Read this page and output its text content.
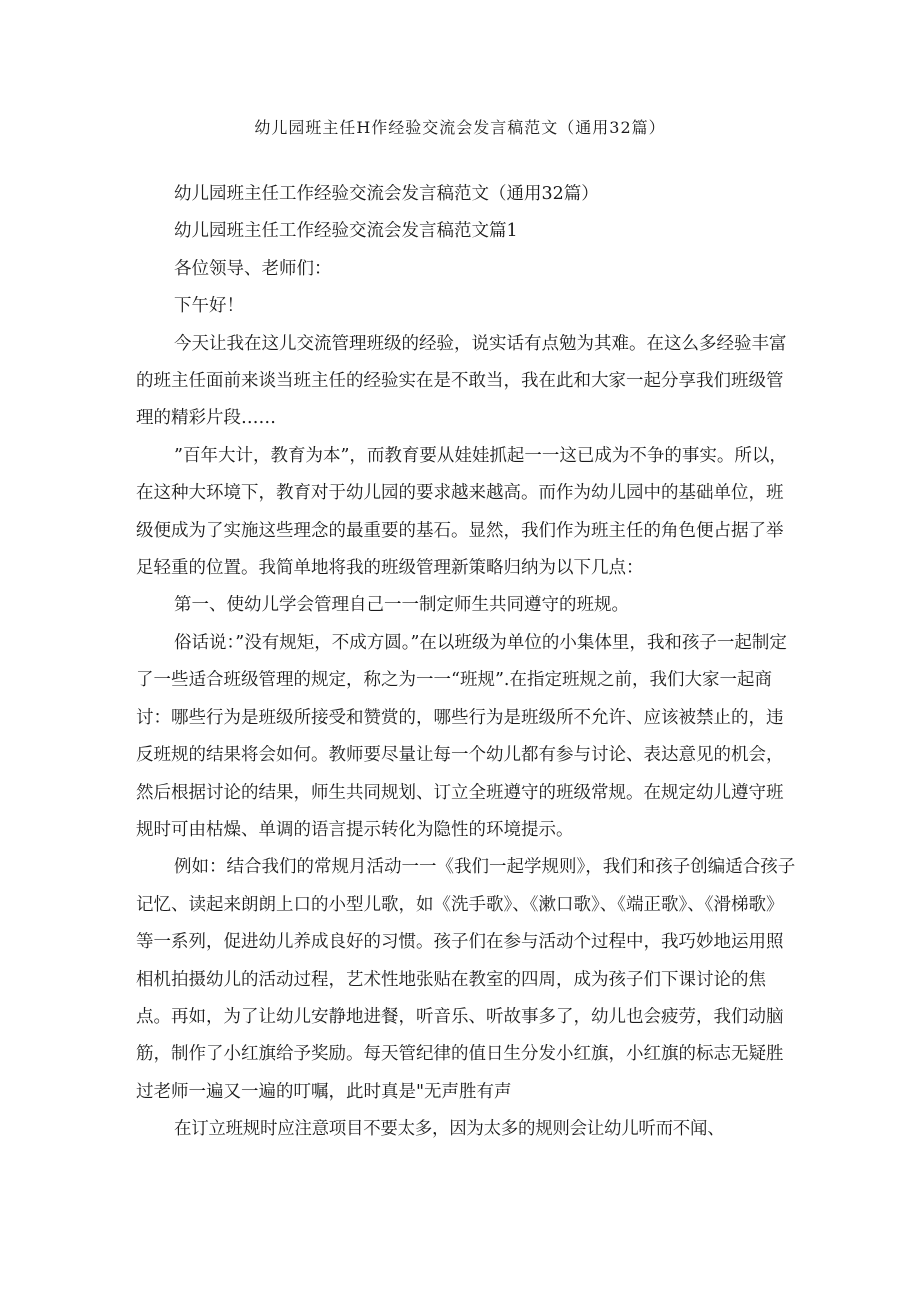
幼儿园班主任H作经验交流会发言稿范文（通用32篇）

幼儿园班主任工作经验交流会发言稿范文（通用32篇）

幼儿园班主任工作经验交流会发言稿范文篇1

各位领导、老师们：

下午好！

今天让我在这儿交流管理班级的经验，说实话有点勉为其难。在这么多经验丰富的班主任面前来谈当班主任的经验实在是不敢当，我在此和大家一起分享我们班级管理的精彩片段……

”百年大计，教育为本”，而教育要从娃娃抓起一一这已成为不争的事实。所以，在这种大环境下，教育对于幼儿园的要求越来越高。而作为幼儿园中的基础单位，班级便成为了实施这些理念的最重要的基石。显然，我们作为班主任的角色便占据了举足轻重的位置。我简单地将我的班级管理新策略归纳为以下几点：

第一、使幼儿学会管理自己一一制定师生共同遵守的班规。

俗话说：”没有规矩，不成方圆。”在以班级为单位的小集体里，我和孩子一起制定了一些适合班级管理的规定，称之为一一“班规”.在指定班规之前，我们大家一起商讨：哪些行为是班级所接受和赞赏的，哪些行为是班级所不允许、应该被禁止的，违反班规的结果将会如何。教师要尽量让每一个幼儿都有参与讨论、表达意见的机会，然后根据讨论的结果，师生共同规划、订立全班遵守的班级常规。在规定幼儿遵守班规时可由枯燥、单调的语言提示转化为隐性的环境提示。

例如：结合我们的常规月活动一一《我们一起学规则》，我们和孩子创编适合孩子记忆、读起来朗朗上口的小型儿歌，如《洗手歌》、《漱口歌》、《端正歌》、《滑梯歌》等一系列，促进幼儿养成良好的习惯。孩子们在参与活动个过程中，我巧妙地运用照相机拍摄幼儿的活动过程，艺术性地张贴在教室的四周，成为孩子们下课讨论的焦点。再如，为了让幼儿安静地进餐，听音乐、听故事多了，幼儿也会疲劳，我们动脑筋，制作了小红旗给予奖励。每天管纪律的值日生分发小红旗，小红旗的标志无疑胜过老师一遍又一遍的叮嘱，此时真是"无声胜有声

在订立班规时应注意项目不要太多，因为太多的规则会让幼儿听而不闻、
